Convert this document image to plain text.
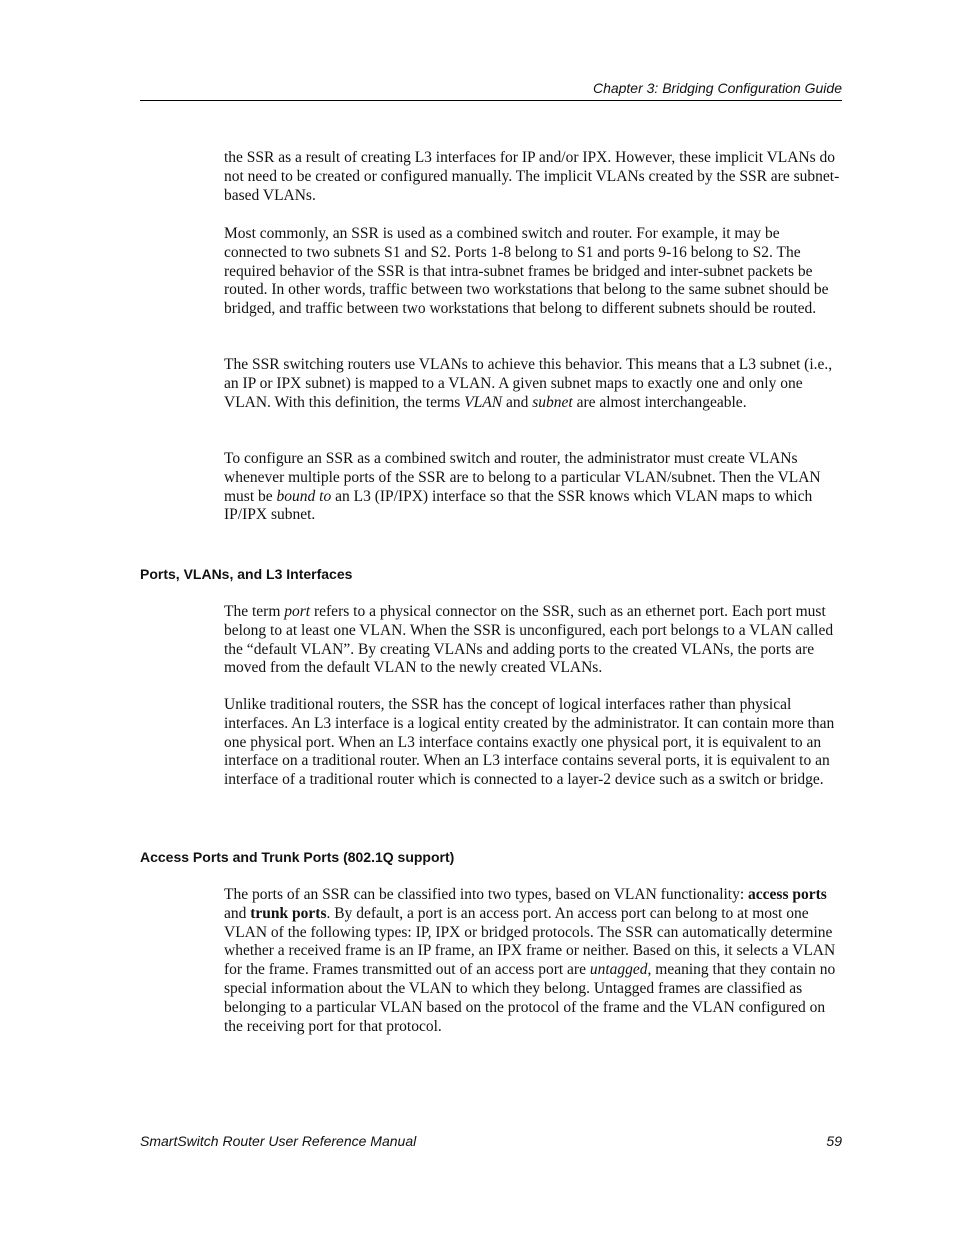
Chapter 3: Bridging Configuration Guide

the SSR as a result of creating L3 interfaces for IP and/or IPX. However, these implicit VLANs do not need to be created or configured manually. The implicit VLANs created by the SSR are subnet-based VLANs.

Most commonly, an SSR is used as a combined switch and router. For example, it may be connected to two subnets S1 and S2. Ports 1-8 belong to S1 and ports 9-16 belong to S2. The required behavior of the SSR is that intra-subnet frames be bridged and inter-subnet packets be routed. In other words, traffic between two workstations that belong to the same subnet should be bridged, and traffic between two workstations that belong to different subnets should be routed.

The SSR switching routers use VLANs to achieve this behavior. This means that a L3 subnet (i.e., an IP or IPX subnet) is mapped to a VLAN. A given subnet maps to exactly one and only one VLAN. With this definition, the terms VLAN and subnet are almost interchangeable.

To configure an SSR as a combined switch and router, the administrator must create VLANs whenever multiple ports of the SSR are to belong to a particular VLAN/subnet. Then the VLAN must be bound to an L3 (IP/IPX) interface so that the SSR knows which VLAN maps to which IP/IPX subnet.

Ports, VLANs, and L3 Interfaces

The term port refers to a physical connector on the SSR, such as an ethernet port. Each port must belong to at least one VLAN. When the SSR is unconfigured, each port belongs to a VLAN called the “default VLAN”. By creating VLANs and adding ports to the created VLANs, the ports are moved from the default VLAN to the newly created VLANs.

Unlike traditional routers, the SSR has the concept of logical interfaces rather than physical interfaces. An L3 interface is a logical entity created by the administrator. It can contain more than one physical port. When an L3 interface contains exactly one physical port, it is equivalent to an interface on a traditional router. When an L3 interface contains several ports, it is equivalent to an interface of a traditional router which is connected to a layer-2 device such as a switch or bridge.

Access Ports and Trunk Ports (802.1Q support)

The ports of an SSR can be classified into two types, based on VLAN functionality: access ports and trunk ports. By default, a port is an access port. An access port can belong to at most one VLAN of the following types: IP, IPX or bridged protocols. The SSR can automatically determine whether a received frame is an IP frame, an IPX frame or neither. Based on this, it selects a VLAN for the frame. Frames transmitted out of an access port are untagged, meaning that they contain no special information about the VLAN to which they belong. Untagged frames are classified as belonging to a particular VLAN based on the protocol of the frame and the VLAN configured on the receiving port for that protocol.

SmartSwitch Router User Reference Manual	59
